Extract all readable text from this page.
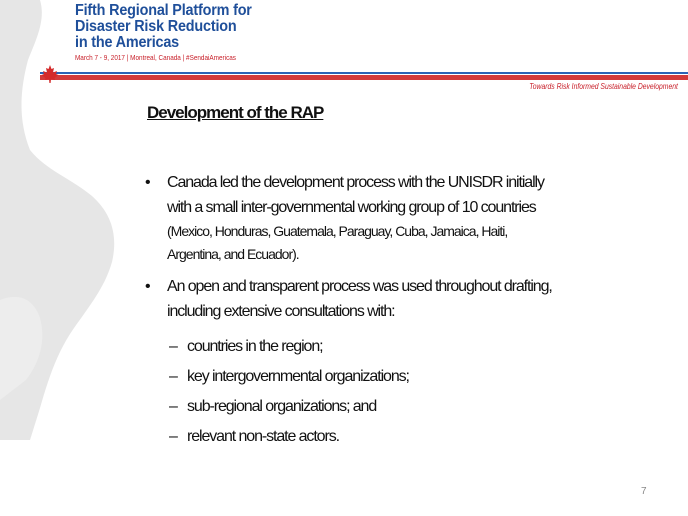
Fifth Regional Platform for
Disaster Risk Reduction
in the Americas
March 7 - 9, 2017 | Montreal, Canada | #SendaiAmericas
Towards Risk Informed Sustainable Development
Development of the RAP
• Canada led the development process with the UNISDR initially
with a small inter-governmental working group of 10 countries
(Mexico, Honduras, Guatemala, Paraguay, Cuba, Jamaica, Haiti,
Argentina, and Ecuador).
• An open and transparent process was used throughout drafting,
including extensive consultations with:
– countries in the region;
– key intergovernmental organizations;
– sub-regional organizations; and
– relevant non-state actors.
7
